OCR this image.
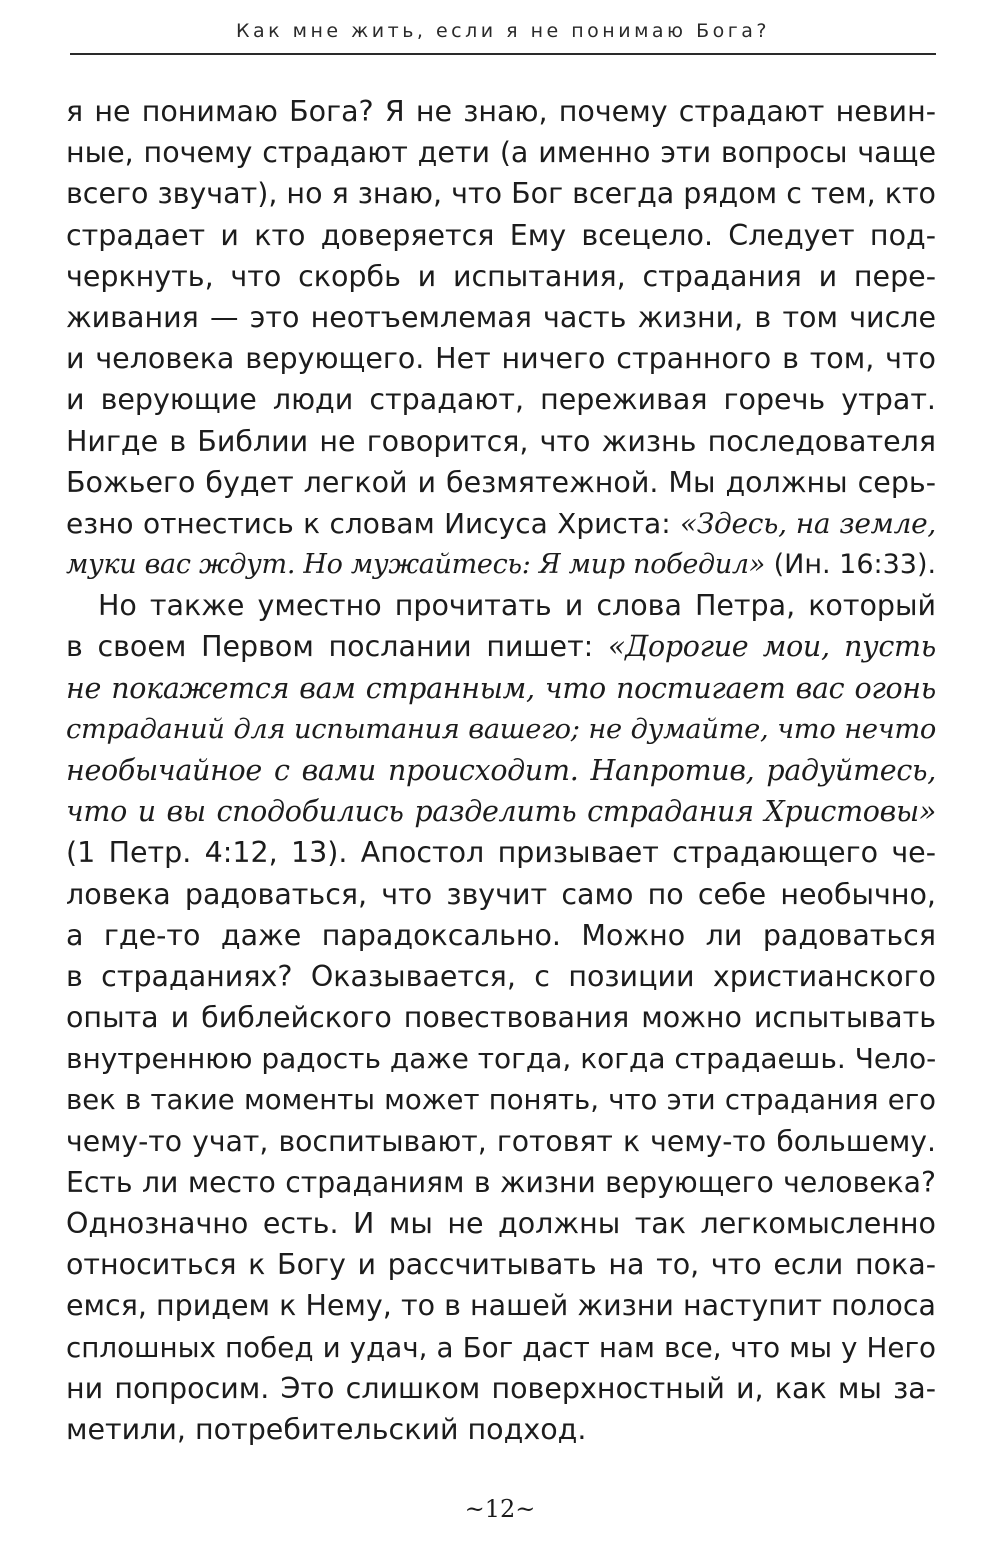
Как мне жить, если я не понимаю Бога?
я не понимаю Бога? Я не знаю, почему страдают невин-
ные, почему страдают дети (а именно эти вопросы чаще
всего звучат), но я знаю, что Бог всегда рядом с тем, кто
страдает и кто доверяется Ему всецело. Следует под-
черкнуть, что скорбь и испытания, страдания и пере-
живания — это неотъемлемая часть жизни, в том числе
и человека верующего. Нет ничего странного в том, что
и верующие люди страдают, переживая горечь утрат.
Нигде в Библии не говорится, что жизнь последователя
Божьего будет легкой и безмятежной. Мы должны серь-
езно отнестись к словам Иисуса Христа: «Здесь, на земле,
муки вас ждут. Но мужайтесь: Я мир победил» (Ин. 16:33).
Но также уместно прочитать и слова Петра, который
в своем Первом послании пишет: «Дорогие мои, пусть
не покажется вам странным, что постигает вас огонь
страданий для испытания вашего; не думайте, что нечто
необычайное с вами происходит. Напротив, радуйтесь,
что и вы сподобились разделить страдания Христовы»
(1 Петр. 4:12, 13). Апостол призывает страдающего че-
ловека радоваться, что звучит само по себе необычно,
а где-то даже парадоксально. Можно ли радоваться
в страданиях? Оказывается, с позиции христианского
опыта и библейского повествования можно испытывать
внутреннюю радость даже тогда, когда страдаешь. Чело-
век в такие моменты может понять, что эти страдания его
чему-то учат, воспитывают, готовят к чему-то большему.
Есть ли место страданиям в жизни верующего человека?
Однозначно есть. И мы не должны так легкомысленно
относиться к Богу и рассчитывать на то, что если пока-
емся, придем к Нему, то в нашей жизни наступит полоса
сплошных побед и удач, а Бог даст нам все, что мы у Него
ни попросим. Это слишком поверхностный и, как мы за-
метили, потребительский подход.
~12~
